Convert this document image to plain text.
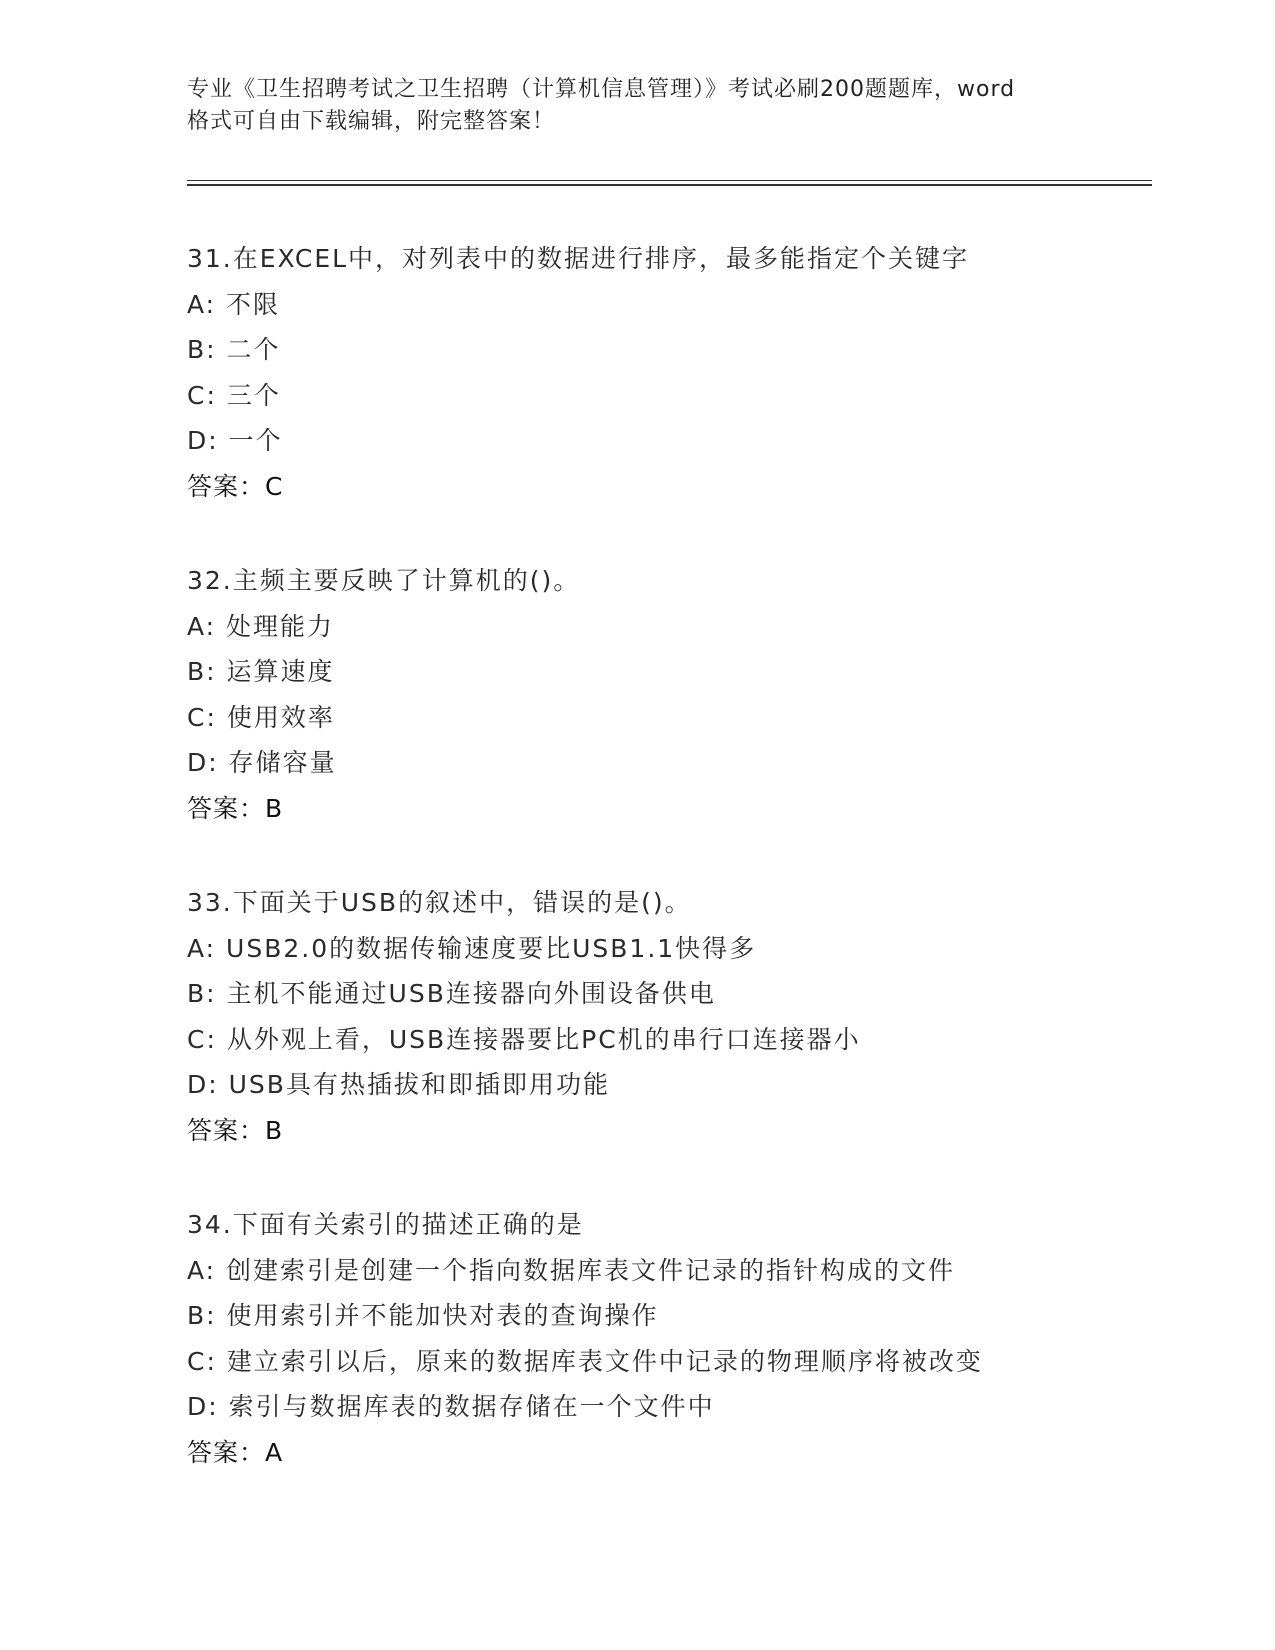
专业《卫生招聘考试之卫生招聘（计算机信息管理）》考试必刷200题题库，word

格式可自由下载编辑，附完整答案！

31.在EXCEL中，对列表中的数据进行排序，最多能指定个关键字
A: 不限
B: 二个
C: 三个
D: 一个
答案：C
32.主频主要反映了计算机的()。
A: 处理能力
B: 运算速度
C: 使用效率
D: 存储容量
答案：B
33.下面关于USB的叙述中，错误的是()。
A: USB2.0的数据传输速度要比USB1.1快得多
B: 主机不能通过USB连接器向外围设备供电
C: 从外观上看，USB连接器要比PC机的串行口连接器小
D: USB具有热插拔和即插即用功能
答案：B
34.下面有关索引的描述正确的是
A: 创建索引是创建一个指向数据库表文件记录的指针构成的文件
B: 使用索引并不能加快对表的查询操作
C: 建立索引以后，原来的数据库表文件中记录的物理顺序将被改变
D: 索引与数据库表的数据存储在一个文件中
答案：A
